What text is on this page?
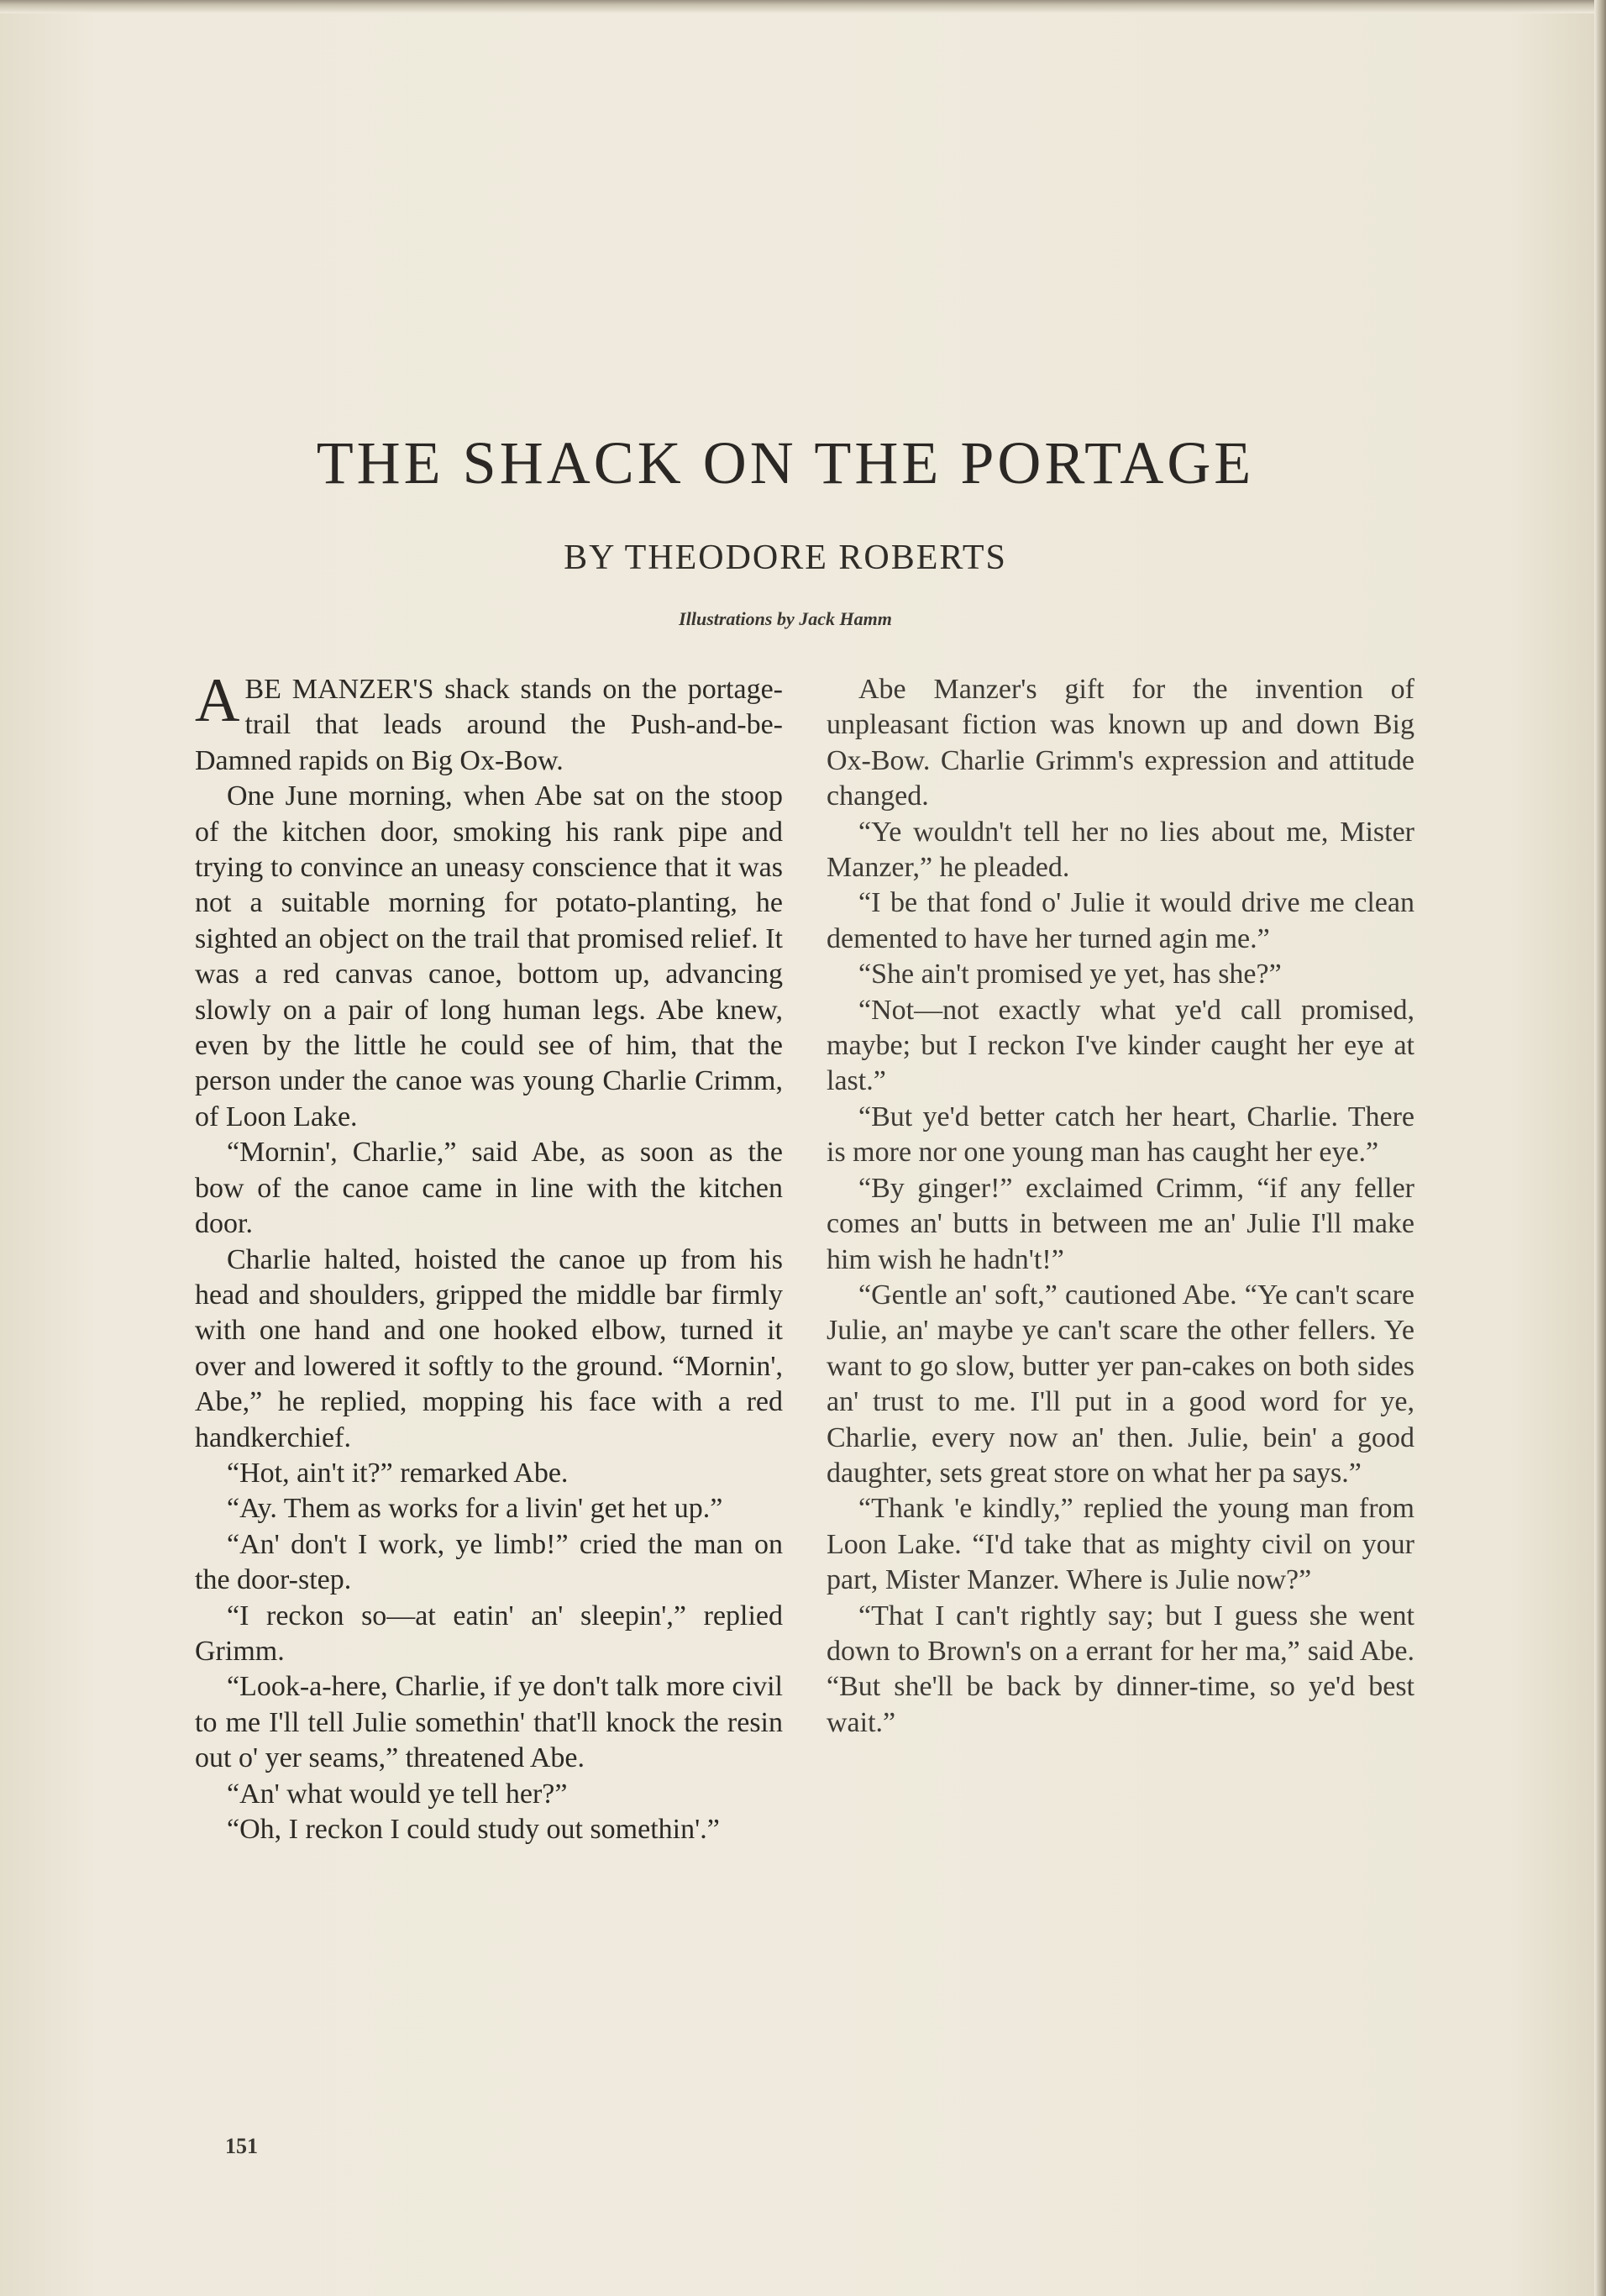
THE SHACK ON THE PORTAGE
BY THEODORE ROBERTS

Illustrations by Jack Hamm

ABE MANZER'S shack stands on the portage-trail that leads around the Push-and-be-Damned rapids on Big Ox-Bow.

One June morning, when Abe sat on the stoop of the kitchen door, smoking his rank pipe and trying to convince an uneasy conscience that it was not a suitable morning for potato-planting, he sighted an object on the trail that promised relief. It was a red canvas canoe, bottom up, advancing slowly on a pair of long human legs. Abe knew, even by the little he could see of him, that the person under the canoe was young Charlie Crimm, of Loon Lake.

“Mornin', Charlie,” said Abe, as soon as the bow of the canoe came in line with the kitchen door.

Charlie halted, hoisted the canoe up from his head and shoulders, gripped the middle bar firmly with one hand and one hooked elbow, turned it over and lowered it softly to the ground. “Mornin', Abe,” he replied, mopping his face with a red handkerchief.

“Hot, ain't it?” remarked Abe.

“Ay. Them as works for a livin' get het up.”

“An' don't I work, ye limb!” cried the man on the door-step.

“I reckon so—at eatin' an' sleepin',” replied Grimm.

“Look-a-here, Charlie, if ye don't talk more civil to me I'll tell Julie somethin' that'll knock the resin out o' yer seams,” threatened Abe.

“An' what would ye tell her?”

“Oh, I reckon I could study out somethin'.”

Abe Manzer's gift for the invention of unpleasant fiction was known up and down Big Ox-Bow. Charlie Grimm's expression and attitude changed.

“Ye wouldn't tell her no lies about me, Mister Manzer,” he pleaded.

“I be that fond o' Julie it would drive me clean demented to have her turned agin me.”

“She ain't promised ye yet, has she?”

“Not—not exactly what ye'd call promised, maybe; but I reckon I've kinder caught her eye at last.”

“But ye'd better catch her heart, Charlie. There is more nor one young man has caught her eye.”

“By ginger!” exclaimed Crimm, “if any feller comes an' butts in between me an' Julie I'll make him wish he hadn't!”

“Gentle an' soft,” cautioned Abe. “Ye can't scare Julie, an' maybe ye can't scare the other fellers. Ye want to go slow, butter yer pan-cakes on both sides an' trust to me. I'll put in a good word for ye, Charlie, every now an' then. Julie, bein' a good daughter, sets great store on what her pa says.”

“Thank 'e kindly,” replied the young man from Loon Lake. “I'd take that as mighty civil on your part, Mister Manzer. Where is Julie now?”

“That I can't rightly say; but I guess she went down to Brown's on a errant for her ma,” said Abe. “But she'll be back by dinner-time, so ye'd best wait.”

151
